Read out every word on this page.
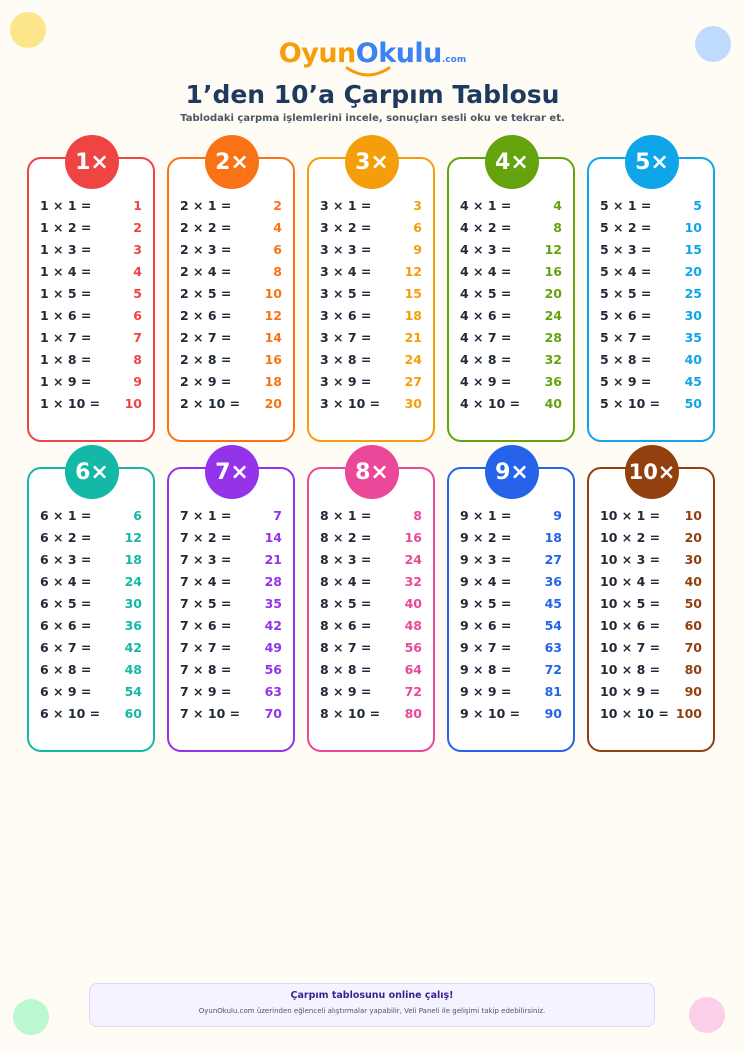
OyunOkulu.com
1’den 10’a Çarpım Tablosu
Tablodaki çarpma işlemlerini incele, sonuçları sesli oku ve tekrar et.
1×
1 × 1 =	1
1 × 2 =	2
1 × 3 =	3
1 × 4 =	4
1 × 5 =	5
1 × 6 =	6
1 × 7 =	7
1 × 8 =	8
1 × 9 =	9
1 × 10 = 10
2×
2 × 1 =	2
2 × 2 =	4
2 × 3 =	6
2 × 4 =	8
2 × 5 =	10
2 × 6 =	12
2 × 7 =	14
2 × 8 =	16
2 × 9 =	18
2 × 10 = 20
3×
3 × 1 =	3
3 × 2 =	6
3 × 3 =	9
3 × 4 =	12
3 × 5 =	15
3 × 6 =	18
3 × 7 =	21
3 × 8 =	24
3 × 9 =	27
3 × 10 = 30
4×
4 × 1 =	4
4 × 2 =	8
4 × 3 =	12
4 × 4 =	16
4 × 5 =	20
4 × 6 =	24
4 × 7 =	28
4 × 8 =	32
4 × 9 =	36
4 × 10 = 40
5×
5 × 1 =	5
5 × 2 =	10
5 × 3 =	15
5 × 4 =	20
5 × 5 =	25
5 × 6 =	30
5 × 7 =	35
5 × 8 =	40
5 × 9 =	45
5 × 10 = 50
6×
6 × 1 =	6
6 × 2 =	12
6 × 3 =	18
6 × 4 =	24
6 × 5 =	30
6 × 6 =	36
6 × 7 =	42
6 × 8 =	48
6 × 9 =	54
6 × 10 = 60
7×
7 × 1 =	7
7 × 2 =	14
7 × 3 =	21
7 × 4 =	28
7 × 5 =	35
7 × 6 =	42
7 × 7 =	49
7 × 8 =	56
7 × 9 =	63
7 × 10 = 70
8×
8 × 1 =	8
8 × 2 =	16
8 × 3 =	24
8 × 4 =	32
8 × 5 =	40
8 × 6 =	48
8 × 7 =	56
8 × 8 =	64
8 × 9 =	72
8 × 10 = 80
9×
9 × 1 =	9
9 × 2 =	18
9 × 3 =	27
9 × 4 =	36
9 × 5 =	45
9 × 6 =	54
9 × 7 =	63
9 × 8 =	72
9 × 9 =	81
9 × 10 = 90
10×
10 × 1 = 10
10 × 2 = 20
10 × 3 = 30
10 × 4 = 40
10 × 5 = 50
10 × 6 = 60
10 × 7 = 70
10 × 8 = 80
10 × 9 = 90
10 × 10 = 100
Çarpım tablosunu online çalış!
OyunOkulu.com üzerinden eğlenceli alıştırmalar yapabilir, Veli Paneli ile gelişimi takip edebilirsiniz.
